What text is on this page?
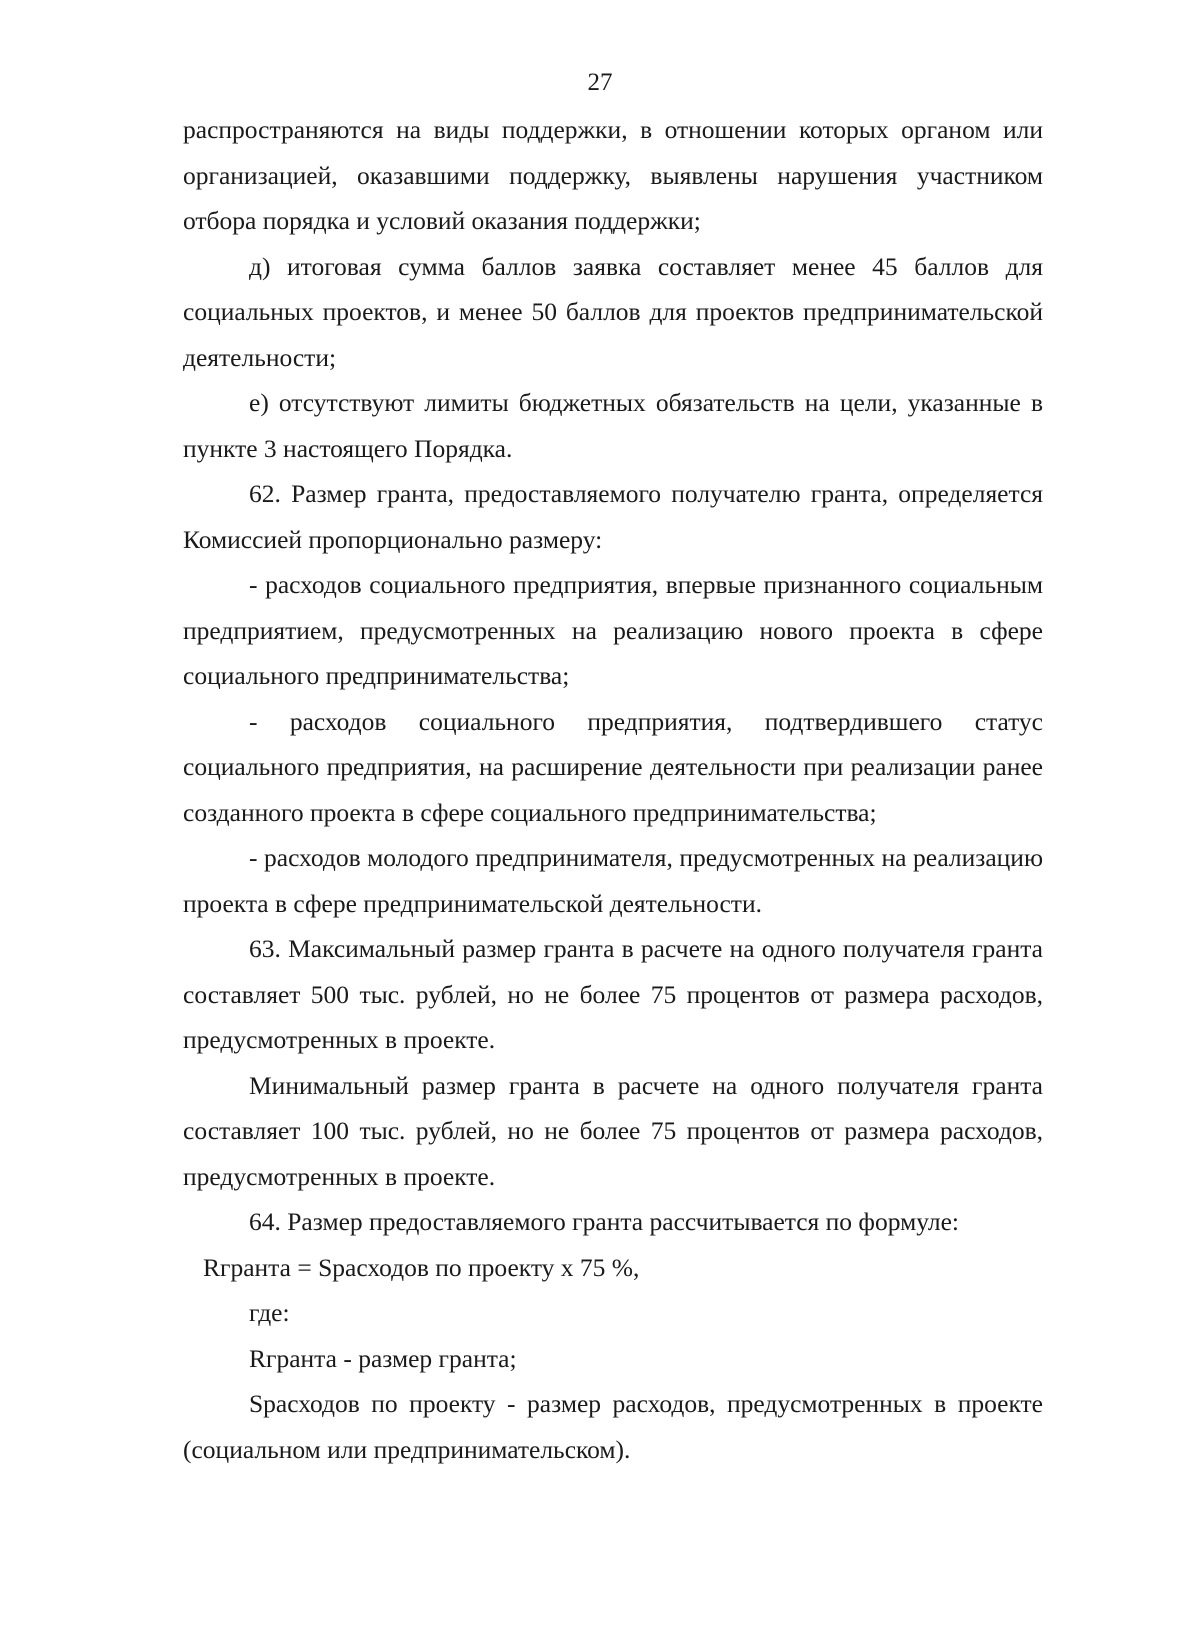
27

распространяются на виды поддержки, в отношении которых органом или организацией, оказавшими поддержку, выявлены нарушения участником отбора порядка и условий оказания поддержки;

д) итоговая сумма баллов заявка составляет менее 45 баллов для социальных проектов, и менее 50 баллов для проектов предпринимательской деятельности;

е) отсутствуют лимиты бюджетных обязательств на цели, указанные в пункте 3 настоящего Порядка.

62. Размер гранта, предоставляемого получателю гранта, определяется Комиссией пропорционально размеру:

- расходов социального предприятия, впервые признанного социальным предприятием, предусмотренных на реализацию нового проекта в сфере социального предпринимательства;

- расходов социального предприятия, подтвердившего статус социального предприятия, на расширение деятельности при реализации ранее созданного проекта в сфере социального предпринимательства;

- расходов молодого предпринимателя, предусмотренных на реализацию проекта в сфере предпринимательской деятельности.

63. Максимальный размер гранта в расчете на одного получателя гранта составляет 500 тыс. рублей, но не более 75 процентов от размера расходов, предусмотренных в проекте.

Минимальный размер гранта в расчете на одного получателя гранта составляет 100 тыс. рублей, но не более 75 процентов от размера расходов, предусмотренных в проекте.

64. Размер предоставляемого гранта рассчитывается по формуле:

Rгранта = Sрасходов по проекту x 75 %,

где:

Rгранта - размер гранта;

Sрасходов по проекту - размер расходов, предусмотренных в проекте (социальном или предпринимательском).
